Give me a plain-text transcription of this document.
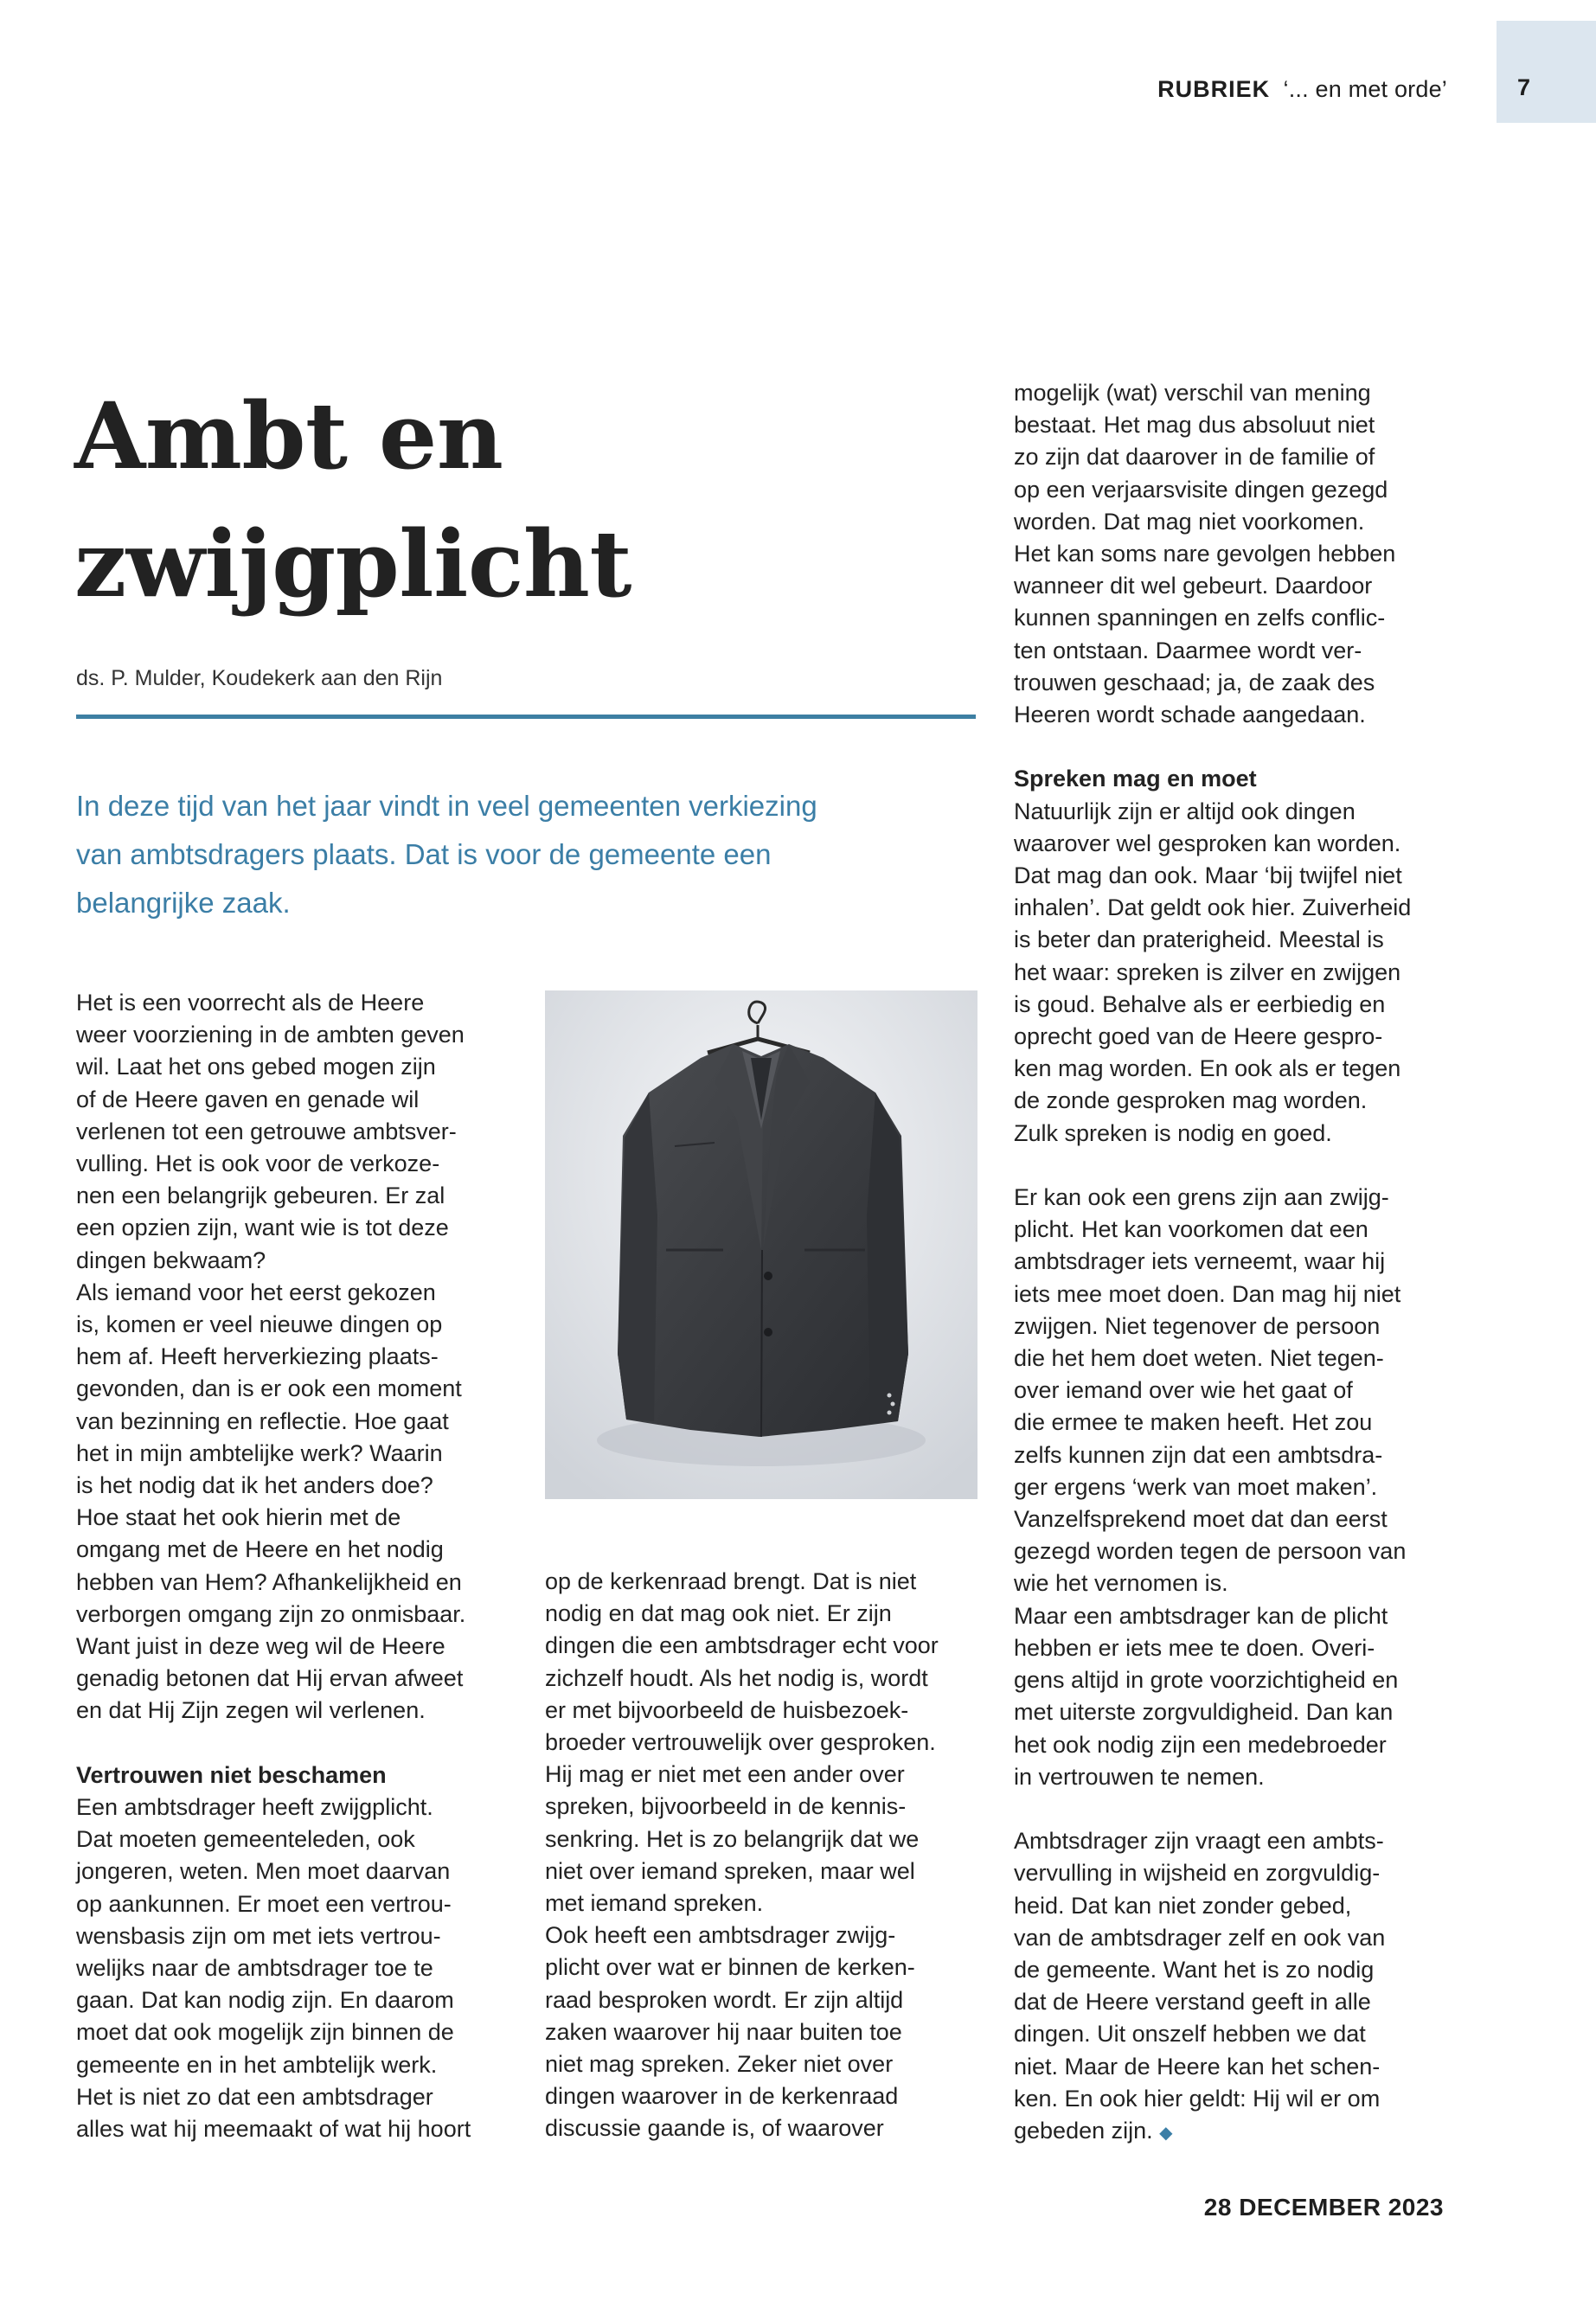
RUBRIEK ‘... en met orde’	7
Ambt en
zwijgplicht
ds. P. Mulder, Koudekerk aan den Rijn
In deze tijd van het jaar vindt in veel gemeenten verkiezing
van ambtsdragers plaats. Dat is voor de gemeente een
belangrijke zaak.

Het is een voorrecht als de Heere
weer voorziening in de ambten geven
wil. Laat het ons gebed mogen zijn
of de Heere gaven en genade wil
verlenen tot een getrouwe ambtsver-
vulling. Het is ook voor de verkoze-
nen een belangrijk gebeuren. Er zal
een opzien zijn, want wie is tot deze
dingen bekwaam?
Als iemand voor het eerst gekozen
is, komen er veel nieuwe dingen op
hem af. Heeft herverkiezing plaats-
gevonden, dan is er ook een moment
van bezinning en reflectie. Hoe gaat
het in mijn ambtelijke werk? Waarin
is het nodig dat ik het anders doe?
Hoe staat het ook hierin met de
omgang met de Heere en het nodig
hebben van Hem? Afhankelijkheid en
verborgen omgang zijn zo onmisbaar.
Want juist in deze weg wil de Heere
genadig betonen dat Hij ervan afweet
en dat Hij Zijn zegen wil verlenen.

Vertrouwen niet beschamen

Een ambtsdrager heeft zwijgplicht.
Dat moeten gemeenteleden, ook
jongeren, weten. Men moet daarvan
op aankunnen. Er moet een vertrou-
wensbasis zijn om met iets vertrou-
welijks naar de ambtsdrager toe te
gaan. Dat kan nodig zijn. En daarom
moet dat ook mogelijk zijn binnen de
gemeente en in het ambtelijk werk.
Het is niet zo dat een ambtsdrager
alles wat hij meemaakt of wat hij hoort

op de kerkenraad brengt. Dat is niet
nodig en dat mag ook niet. Er zijn
dingen die een ambtsdrager echt voor
zichzelf houdt. Als het nodig is, wordt
er met bijvoorbeeld de huisbezoek-
broeder vertrouwelijk over gesproken.
Hij mag er niet met een ander over
spreken, bijvoorbeeld in de kennis-
senkring. Het is zo belangrijk dat we
niet over iemand spreken, maar wel
met iemand spreken.
Ook heeft een ambtsdrager zwijg-
plicht over wat er binnen de kerken-
raad besproken wordt. Er zijn altijd
zaken waarover hij naar buiten toe
niet mag spreken. Zeker niet over
dingen waarover in de kerkenraad
discussie gaande is, of waarover

mogelijk (wat) verschil van mening
bestaat. Het mag dus absoluut niet
zo zijn dat daarover in de familie of
op een verjaarsvisite dingen gezegd
worden. Dat mag niet voorkomen.
Het kan soms nare gevolgen hebben
wanneer dit wel gebeurt. Daardoor
kunnen spanningen en zelfs conflic-
ten ontstaan. Daarmee wordt ver-
trouwen geschaad; ja, de zaak des
Heeren wordt schade aangedaan.

Spreken mag en moet

Natuurlijk zijn er altijd ook dingen
waarover wel gesproken kan worden.
Dat mag dan ook. Maar ‘bij twijfel niet
inhalen’. Dat geldt ook hier. Zuiverheid
is beter dan praterigheid. Meestal is
het waar: spreken is zilver en zwijgen
is goud. Behalve als er eerbiedig en
oprecht goed van de Heere gespro-
ken mag worden. En ook als er tegen
de zonde gesproken mag worden.
Zulk spreken is nodig en goed.

Er kan ook een grens zijn aan zwijg-
plicht. Het kan voorkomen dat een
ambtsdrager iets verneemt, waar hij
iets mee moet doen. Dan mag hij niet
zwijgen. Niet tegenover de persoon
die het hem doet weten. Niet tegen-
over iemand over wie het gaat of
die ermee te maken heeft. Het zou
zelfs kunnen zijn dat een ambtsdra-
ger ergens ‘werk van moet maken’.
Vanzelfsprekend moet dat dan eerst
gezegd worden tegen de persoon van
wie het vernomen is.
Maar een ambtsdrager kan de plicht
hebben er iets mee te doen. Overi-
gens altijd in grote voorzichtigheid en
met uiterste zorgvuldigheid. Dan kan
het ook nodig zijn een medebroeder
in vertrouwen te nemen.

Ambtsdrager zijn vraagt een ambts-
vervulling in wijsheid en zorgvuldig-
heid. Dat kan niet zonder gebed,
van de ambtsdrager zelf en ook van
de gemeente. Want het is zo nodig
dat de Heere verstand geeft in alle
dingen. Uit onszelf hebben we dat
niet. Maar de Heere kan het schen-
ken. En ook hier geldt: Hij wil er om
gebeden zijn. ◆

28 DECEMBER 2023
